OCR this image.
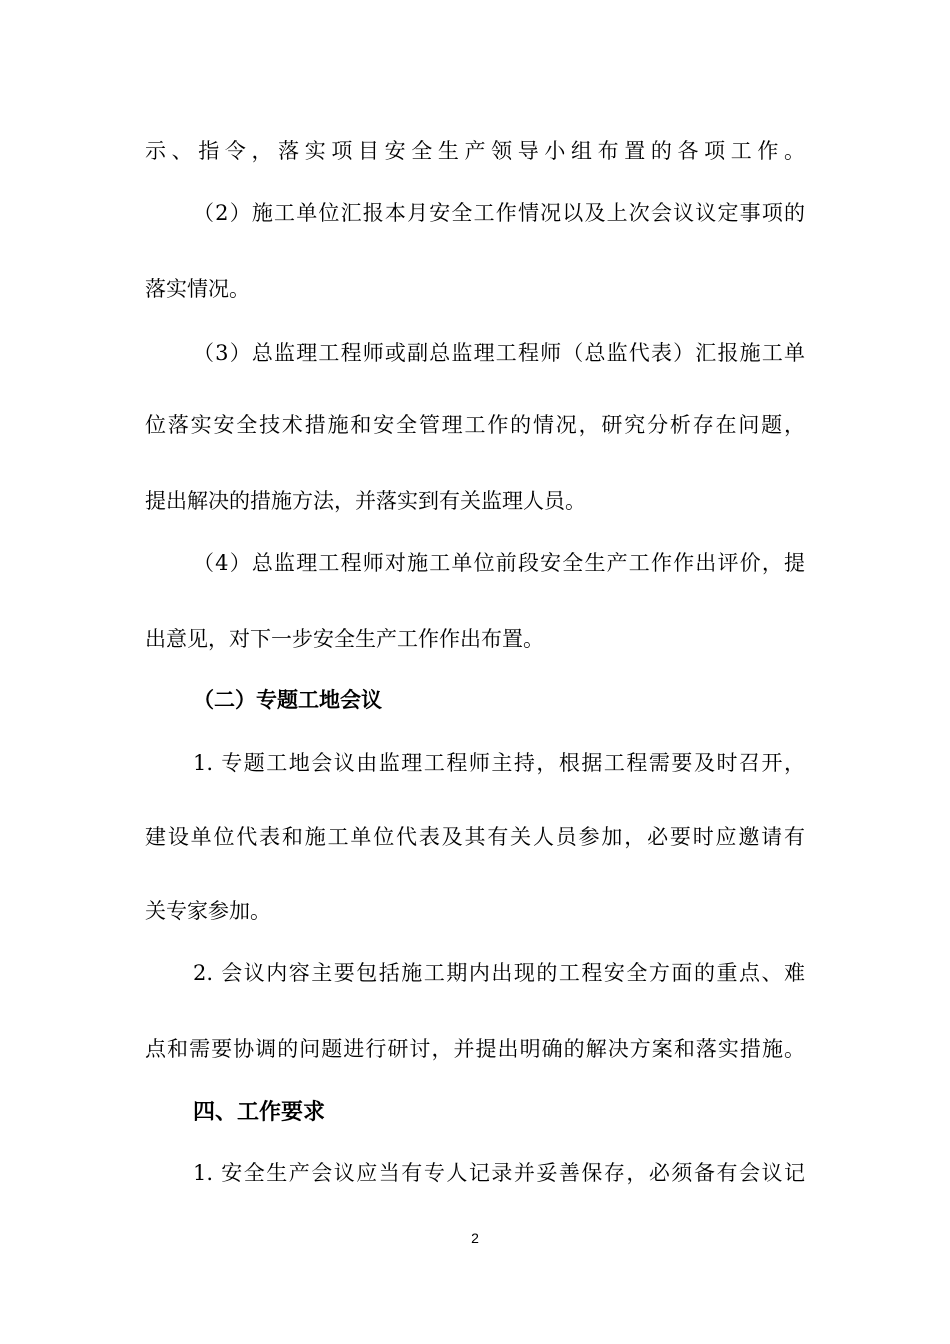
示、指令，落实项目安全生产领导小组布置的各项工作。
（2）施工单位汇报本月安全工作情况以及上次会议议定事项的
落实情况。
（3）总监理工程师或副总监理工程师（总监代表）汇报施工单
位落实安全技术措施和安全管理工作的情况，研究分析存在问题，
提出解决的措施方法，并落实到有关监理人员。
（4）总监理工程师对施工单位前段安全生产工作作出评价，提
出意见，对下一步安全生产工作作出布置。
（二）专题工地会议
1. 专题工地会议由监理工程师主持，根据工程需要及时召开，
建设单位代表和施工单位代表及其有关人员参加，必要时应邀请有
关专家参加。
2. 会议内容主要包括施工期内出现的工程安全方面的重点、难
点和需要协调的问题进行研讨，并提出明确的解决方案和落实措施。
四、工作要求
1. 安全生产会议应当有专人记录并妥善保存，必须备有会议记
2
